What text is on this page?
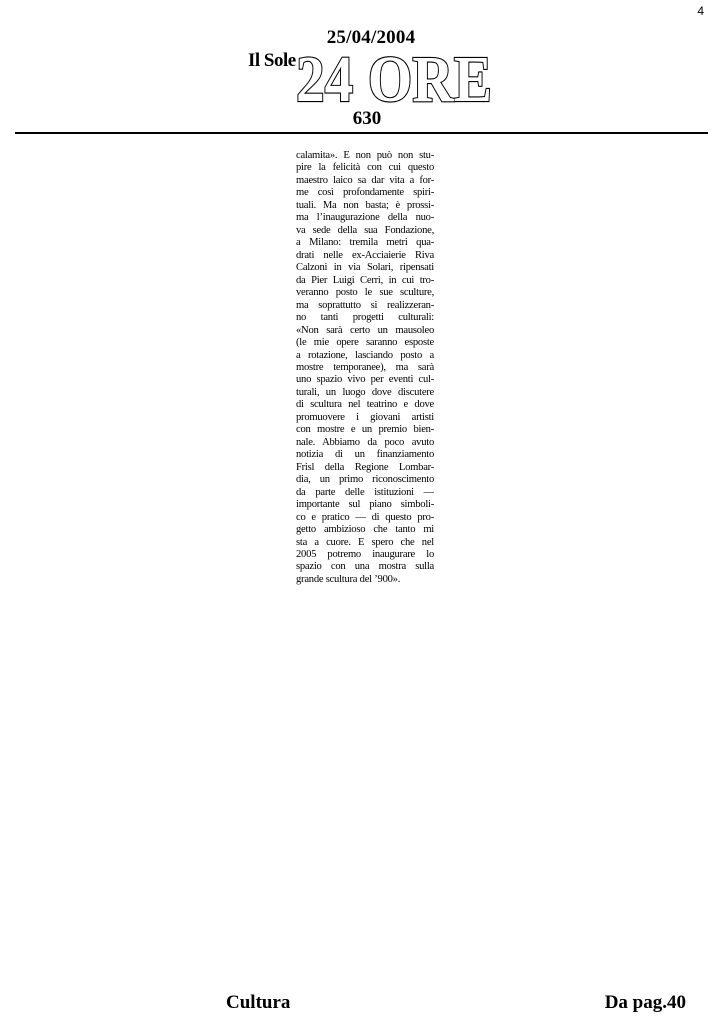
4
25/04/2004
Il Sole 24 ORE
630
calamita». E non può non stu-
pire la felicità con cui questo
maestro laico sa dar vita a for-
me così profondamente spiri-
tuali. Ma non basta; è prossi-
ma l’inaugurazione della nuo-
va sede della sua Fondazione,
a Milano: tremila metri qua-
drati nelle ex-Acciaierie Riva
Calzoni in via Solari, ripensati
da Pier Luigi Cerri, in cui tro-
veranno posto le sue sculture,
ma soprattutto si realizzeran-
no tanti progetti culturali:
«Non sarà certo un mausoleo
(le mie opere saranno esposte
a rotazione, lasciando posto a
mostre temporanee), ma sarà
uno spazio vivo per eventi cul-
turali, un luogo dove discutere
di scultura nel teatrino e dove
promuovere i giovani artisti
con mostre e un premio bien-
nale. Abbiamo da poco avuto
notizia di un finanziamento
Frisl della Regione Lombar-
dia, un primo riconoscimento
da parte delle istituzioni —
importante sul piano simboli-
co e pratico — di questo pro-
getto ambizioso che tanto mi
sta a cuore. E spero che nel
2005 potremo inaugurare lo
spazio con una mostra sulla
grande scultura del ’900».
Cultura	Da pag.40
